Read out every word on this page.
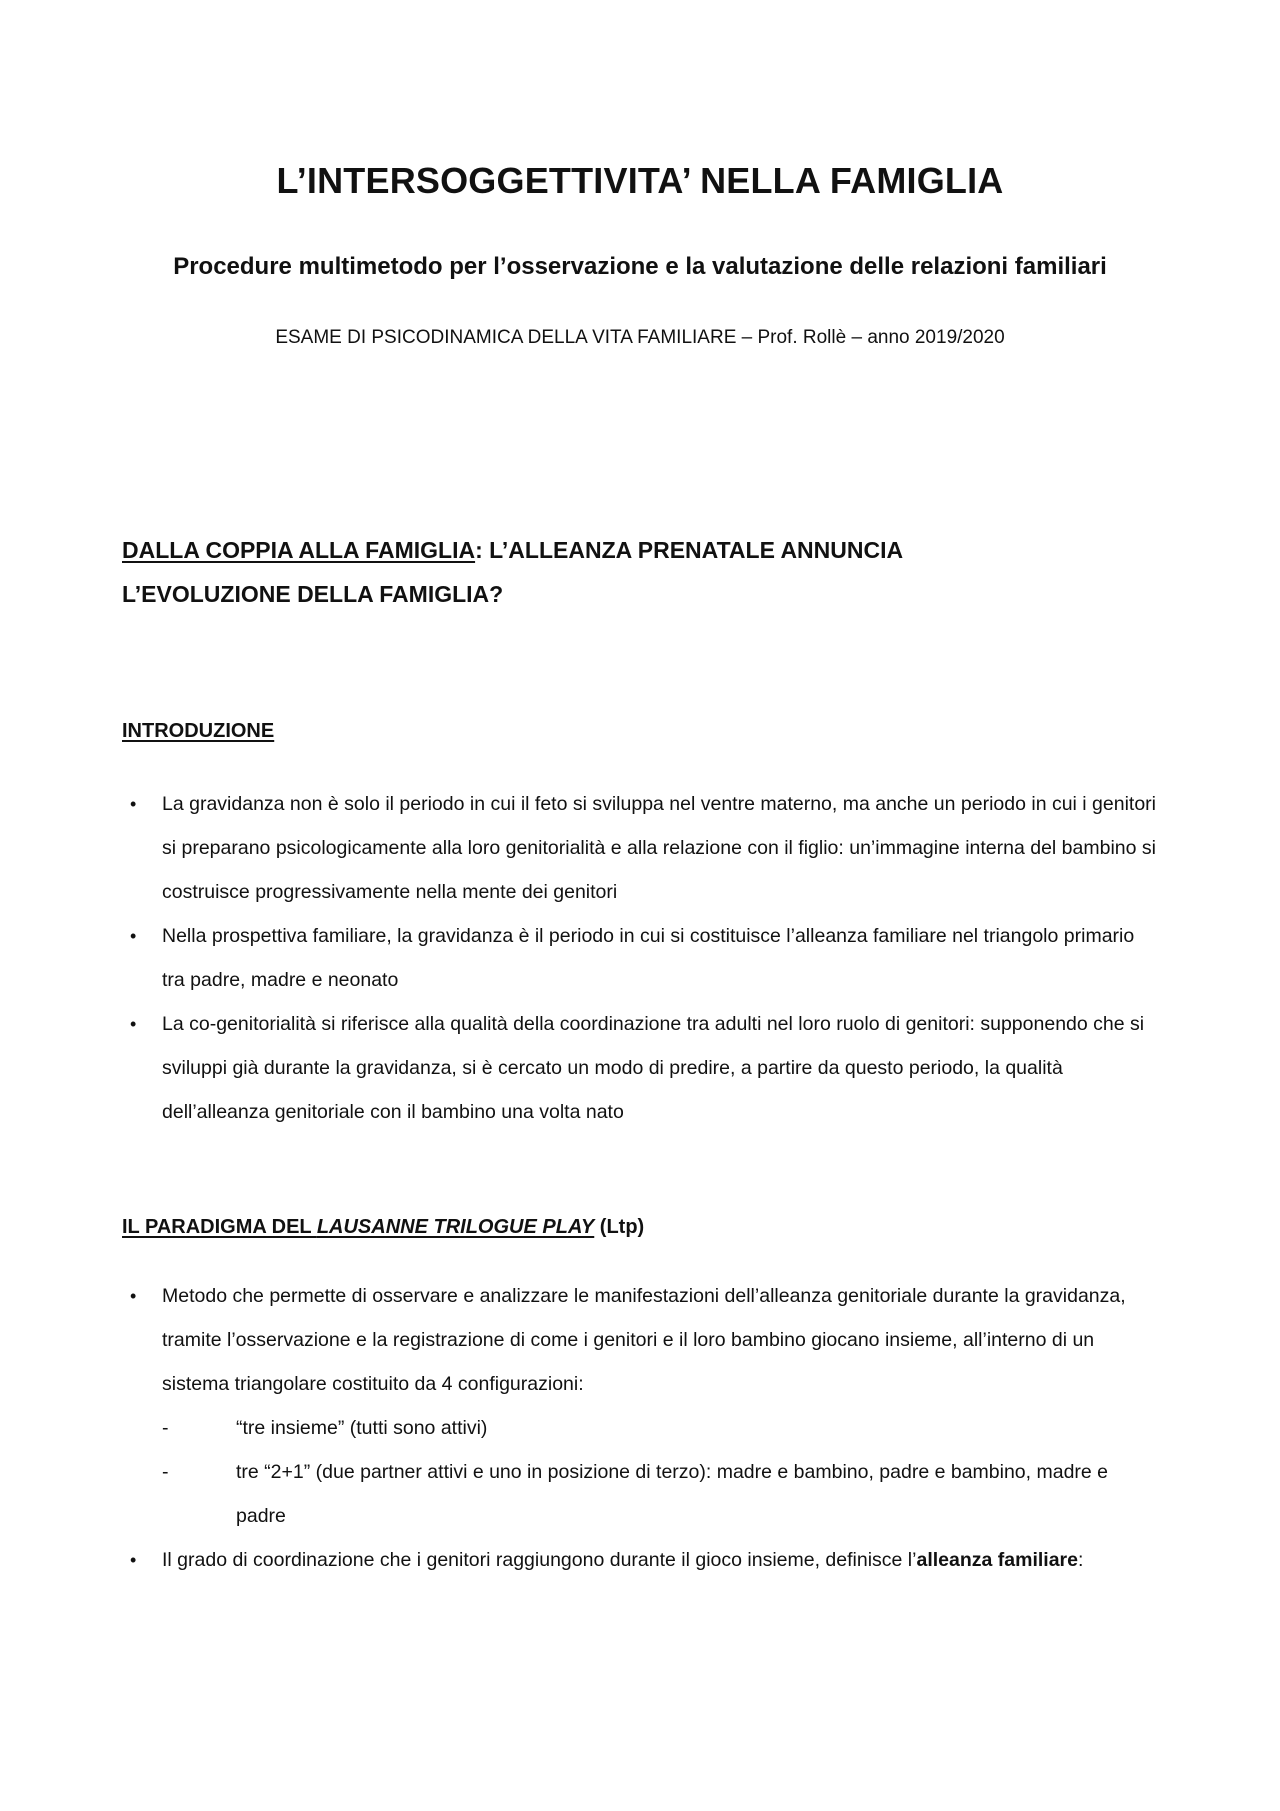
L’INTERSOGGETTIVITA’ NELLA FAMIGLIA
Procedure multimetodo per l’osservazione e la valutazione delle relazioni familiari
ESAME DI PSICODINAMICA DELLA VITA FAMILIARE – Prof. Rollè – anno 2019/2020
DALLA COPPIA ALLA FAMIGLIA: L’ALLEANZA PRENATALE ANNUNCIA
L’EVOLUZIONE DELLA FAMIGLIA?
INTRODUZIONE
• La gravidanza non è solo il periodo in cui il feto si sviluppa nel ventre materno, ma anche un periodo in cui i genitori si preparano psicologicamente alla loro genitorialità e alla relazione con il figlio: un’immagine interna del bambino si costruisce progressivamente nella mente dei genitori
• Nella prospettiva familiare, la gravidanza è il periodo in cui si costituisce l’alleanza familiare nel triangolo primario tra padre, madre e neonato
• La co-genitorialità si riferisce alla qualità della coordinazione tra adulti nel loro ruolo di genitori: supponendo che si sviluppi già durante la gravidanza, si è cercato un modo di predire, a partire da questo periodo, la qualità dell’alleanza genitoriale con il bambino una volta nato
IL PARADIGMA DEL LAUSANNE TRILOGUE PLAY (Ltp)
• Metodo che permette di osservare e analizzare le manifestazioni dell’alleanza genitoriale durante la gravidanza, tramite l’osservazione e la registrazione di come i genitori e il loro bambino giocano insieme, all’interno di un sistema triangolare costituito da 4 configurazioni:
-	“tre insieme” (tutti sono attivi)
-	tre “2+1” (due partner attivi e uno in posizione di terzo): madre e bambino, padre e bambino, madre e padre
• Il grado di coordinazione che i genitori raggiungono durante il gioco insieme, definisce l’alleanza familiare:
